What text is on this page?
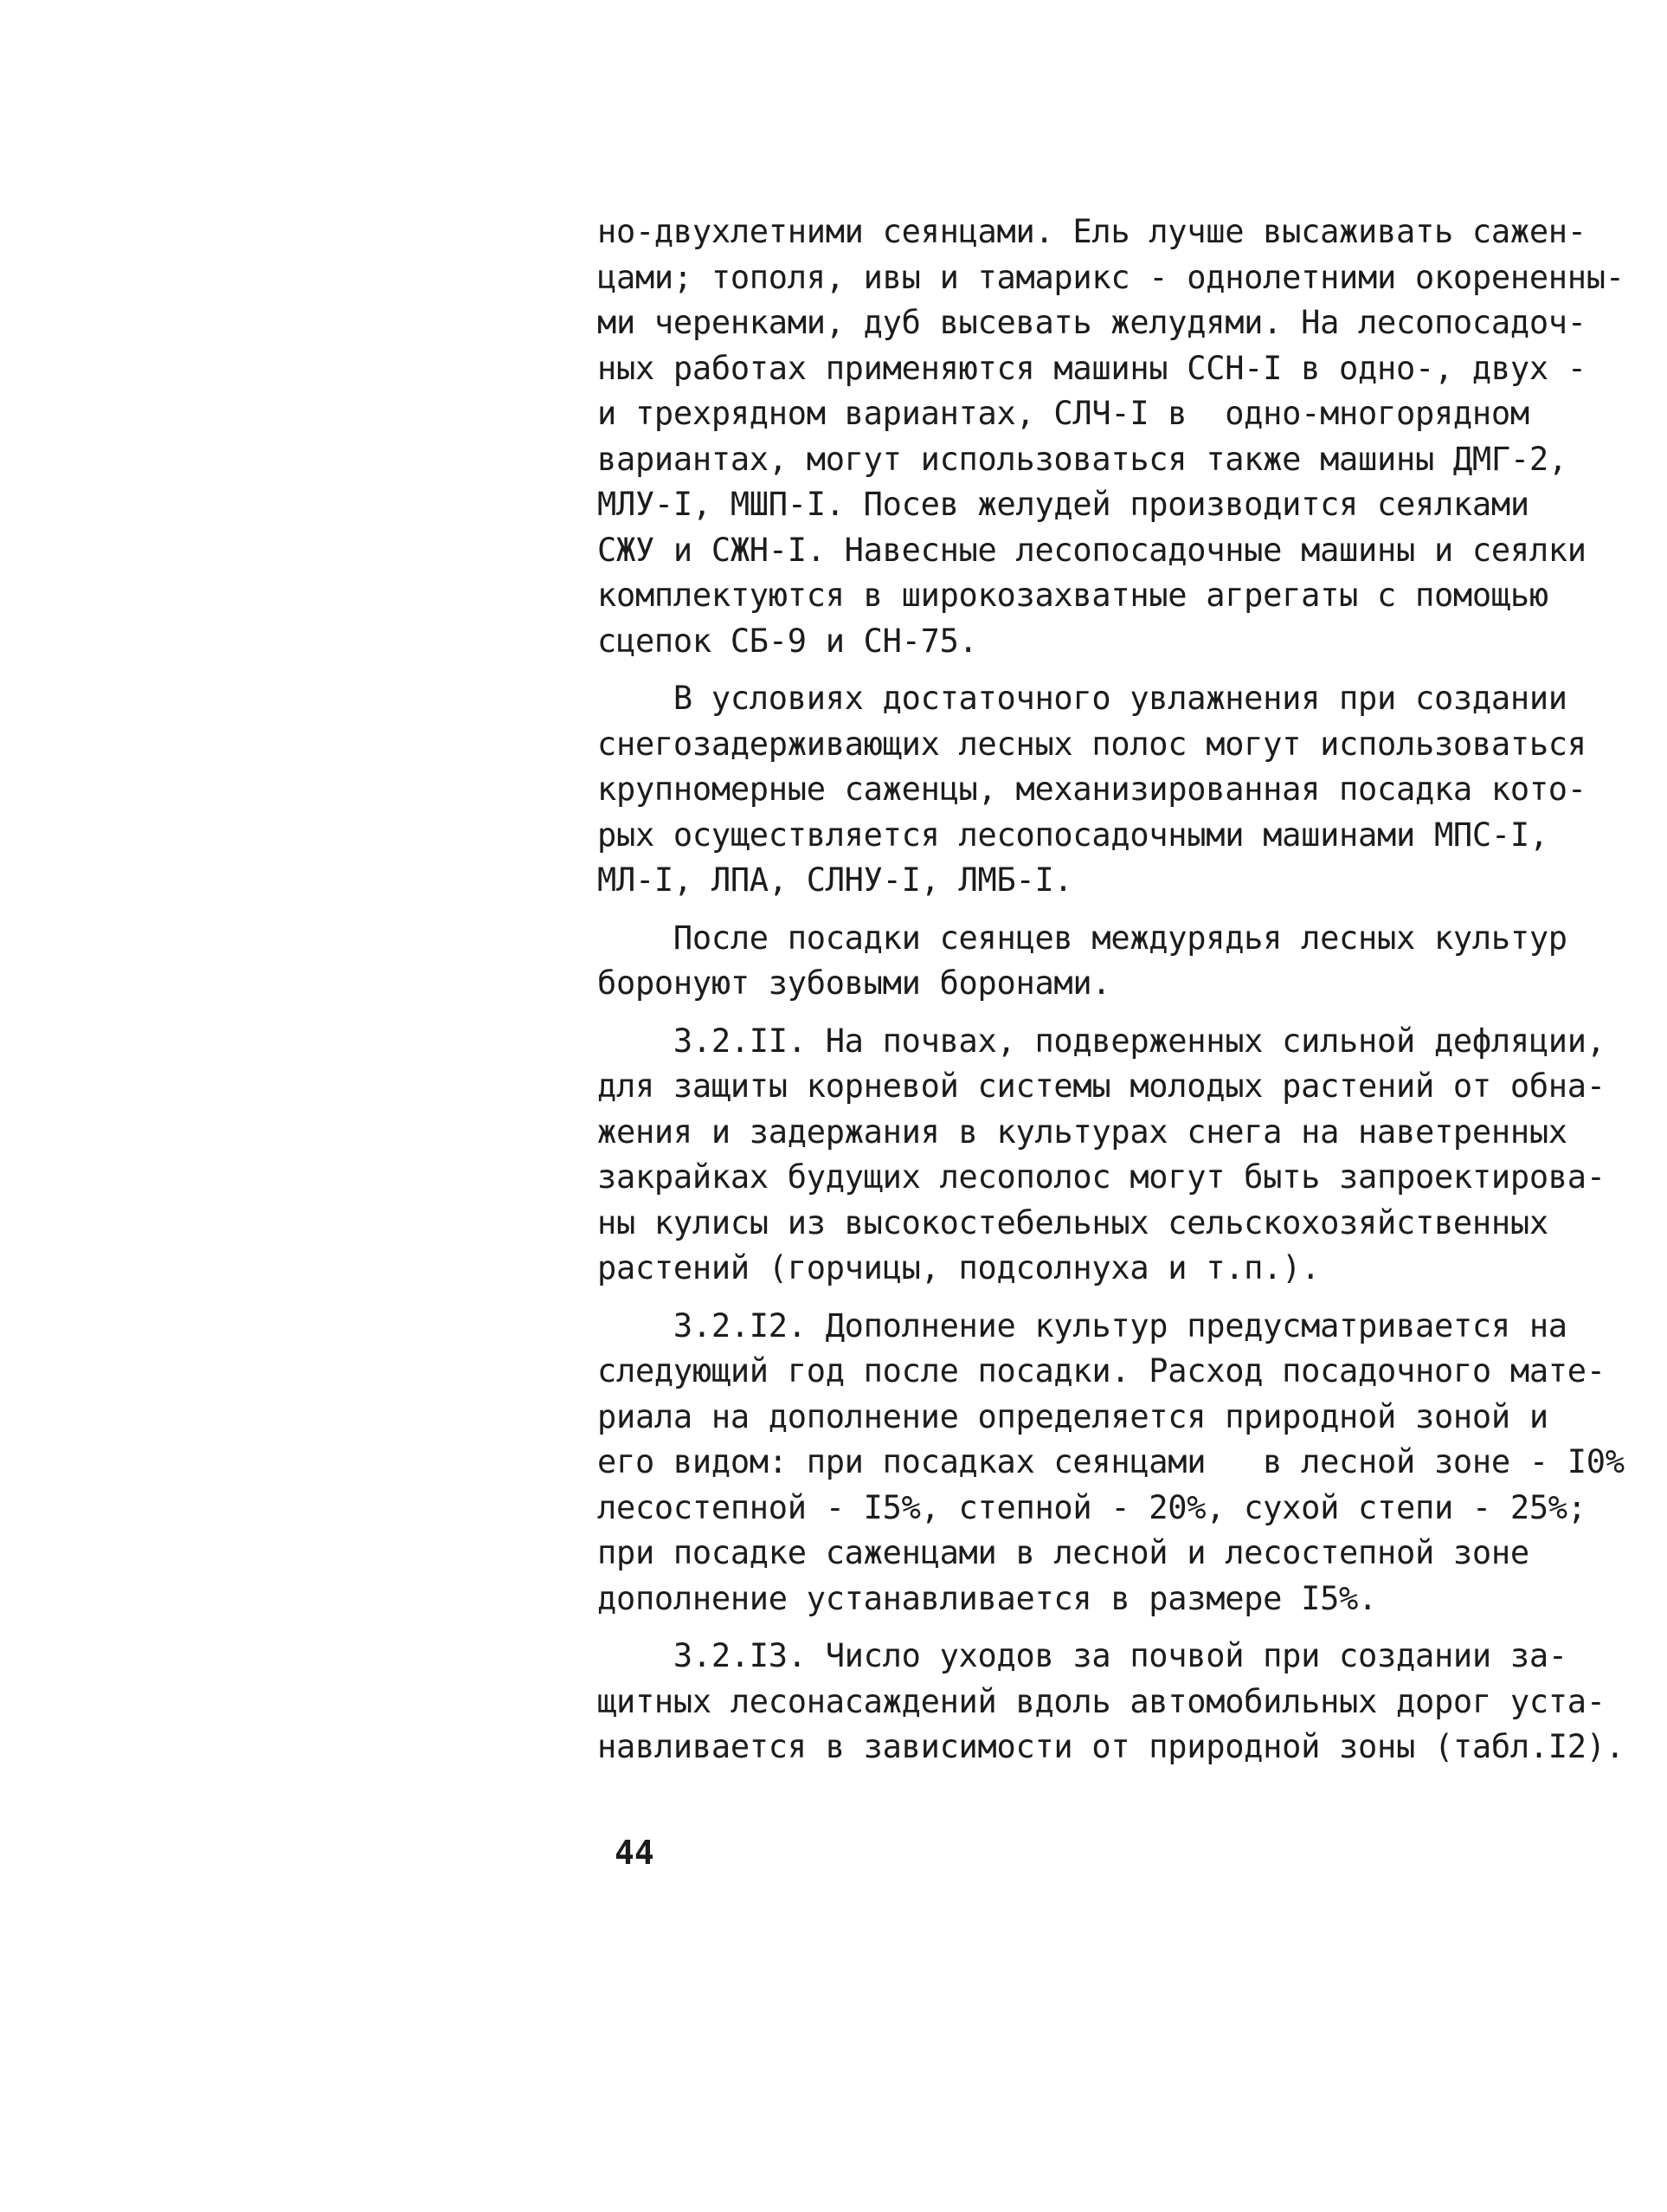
но-двухлетними сеянцами. Ель лучше высаживать сажен-
цами; тополя, ивы и тамарикс - однолетними окорененны-
ми черенками, дуб высевать желудями. На лесопосадоч-
ных работах применяются машины ССН-I в одно-, двух -
и трехрядном вариантах, СЛЧ-I в  одно-многорядном
вариантах, могут использоваться также машины ДМГ-2,
МЛУ-I, МШП-I. Посев желудей производится сеялками
СЖУ и СЖН-I. Навесные лесопосадочные машины и сеялки
комплектуются в широкозахватные агрегаты с помощью
сцепок СБ-9 и СН-75.

В условиях достаточного увлажнения при создании
снегозадерживающих лесных полос могут использоваться
крупномерные саженцы, механизированная посадка кото-
рых осуществляется лесопосадочными машинами МПС-I,
МЛ-I, ЛПА, СЛНУ-I, ЛМБ-I.

После посадки сеянцев междурядья лесных культур
боронуют зубовыми боронами.

3.2.II. На почвах, подверженных сильной дефляции,
для защиты корневой системы молодых растений от обна-
жения и задержания в культурах снега на наветренных
закрайках будущих лесополос могут быть запроектирова-
ны кулисы из высокостебельных сельскохозяйственных
растений (горчицы, подсолнуха и т.п.).

3.2.I2. Дополнение культур предусматривается на
следующий год после посадки. Расход посадочного мате-
риала на дополнение определяется природной зоной и
его видом: при посадках сеянцами   в лесной зоне - I0%
лесостепной - I5%, степной - 20%, сухой степи - 25%;
при посадке саженцами в лесной и лесостепной зоне
дополнение устанавливается в размере I5%.

3.2.I3. Число уходов за почвой при создании за-
щитных лесонасаждений вдоль автомобильных дорог уста-
навливается в зависимости от природной зоны (табл.I2).

44
